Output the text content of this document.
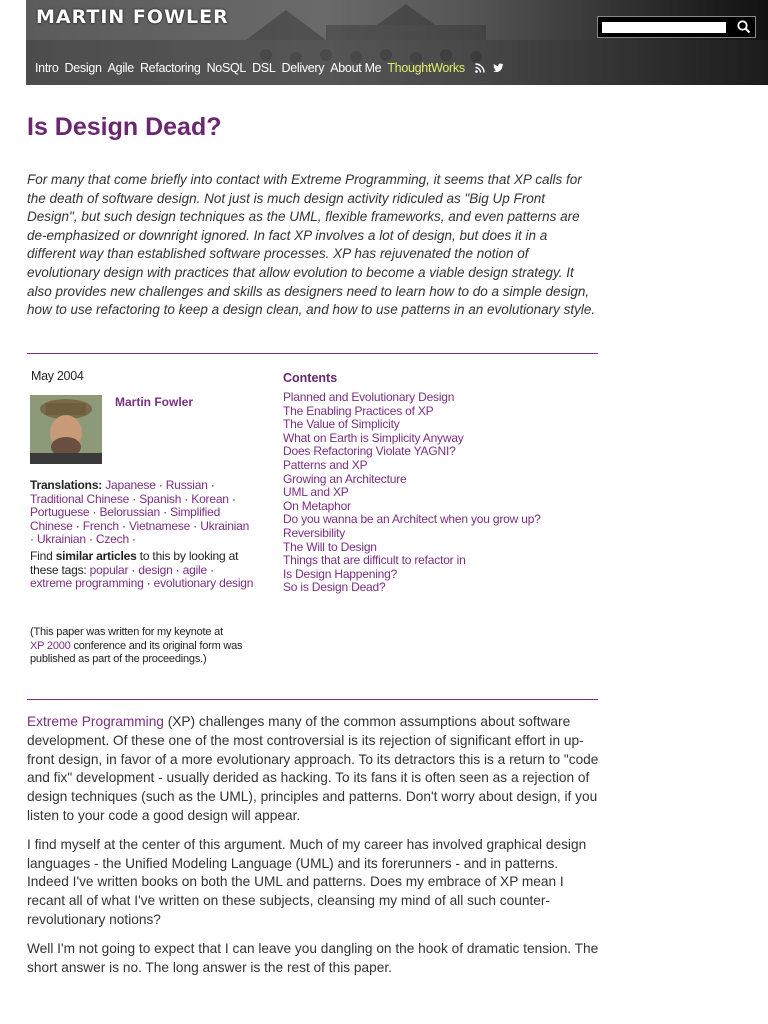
MARTIN FOWLER
Intro Design Agile Refactoring NoSQL DSL Delivery About Me ThoughtWorks
Is Design Dead?

For many that come briefly into contact with Extreme Programming, it seems that XP calls for the death of software design. Not just is much design activity ridiculed as "Big Up Front Design", but such design techniques as the UML, flexible frameworks, and even patterns are de-emphasized or downright ignored. In fact XP involves a lot of design, but does it in a different way than established software processes. XP has rejuvenated the notion of evolutionary design with practices that allow evolution to become a viable design strategy. It also provides new challenges and skills as designers need to learn how to do a simple design, how to use refactoring to keep a design clean, and how to use patterns in an evolutionary style.

May 2004
Martin Fowler
Translations: Japanese · Russian · Traditional Chinese · Spanish · Korean · Portuguese · Belorussian · Simplified Chinese · French · Vietnamese · Ukrainian · Ukrainian · Czech ·
Find similar articles to this by looking at these tags: popular · design · agile · extreme programming · evolutionary design
(This paper was written for my keynote at
XP 2000 conference and its original form was published as part of the proceedings.)
Contents
Planned and Evolutionary Design
The Enabling Practices of XP
The Value of Simplicity
What on Earth is Simplicity Anyway
Does Refactoring Violate YAGNI?
Patterns and XP
Growing an Architecture
UML and XP
On Metaphor
Do you wanna be an Architect when you grow up?
Reversibility
The Will to Design
Things that are difficult to refactor in
Is Design Happening?
So is Design Dead?

Extreme Programming (XP) challenges many of the common assumptions about software development. Of these one of the most controversial is its rejection of significant effort in up-front design, in favor of a more evolutionary approach. To its detractors this is a return to "code and fix" development - usually derided as hacking. To its fans it is often seen as a rejection of design techniques (such as the UML), principles and patterns. Don't worry about design, if you listen to your code a good design will appear.

I find myself at the center of this argument. Much of my career has involved graphical design languages - the Unified Modeling Language (UML) and its forerunners - and in patterns. Indeed I've written books on both the UML and patterns. Does my embrace of XP mean I recant all of what I've written on these subjects, cleansing my mind of all such counter-revolutionary notions?

Well I'm not going to expect that I can leave you dangling on the hook of dramatic tension. The short answer is no. The long answer is the rest of this paper.
